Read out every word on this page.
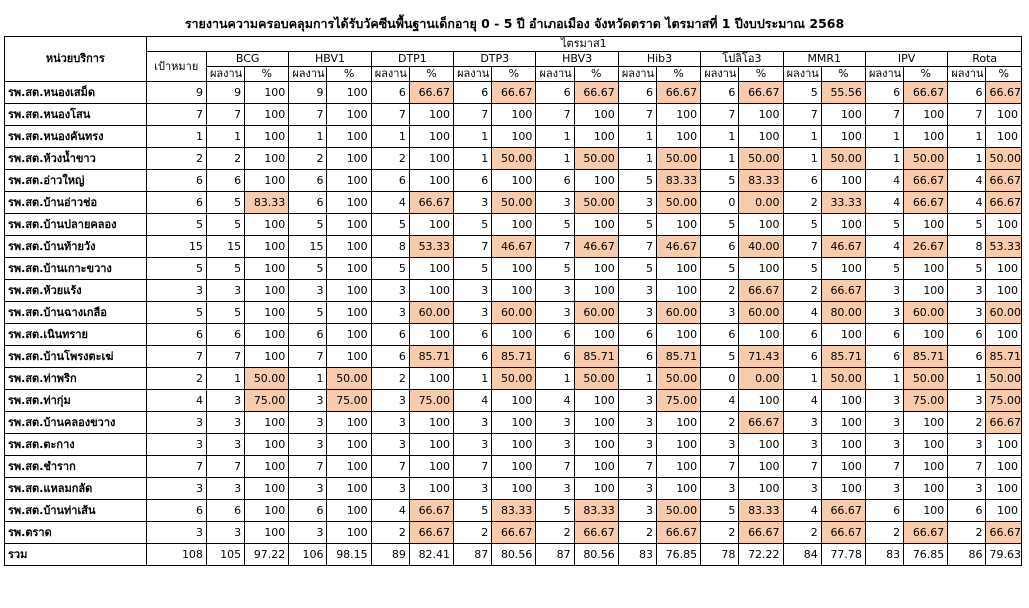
รายงานความครอบคลุมการได้รับวัคซีนพื้นฐานเด็กอายุ 0 - 5 ปี อำเภอเมือง จังหวัดตราด ไตรมาสที่ 1 ปีงบประมาณ 2568
หน่วยบริการ	ไตรมาส1																				
	เป้าหมาย	BCG		HBV1		DTP1		DTP3		HBV3		Hib3		โปลิโอ3		MMR1		IPV		Rota	
		ผลงาน	%	ผลงาน	%	ผลงาน	%	ผลงาน	%	ผลงาน	%	ผลงาน	%	ผลงาน	%	ผลงาน	%	ผลงาน	%	ผลงาน	%
รพ.สต.หนองเสม็ด	9	9	100	9	100	6	66.67	6	66.67	6	66.67	6	66.67	6	66.67	5	55.56	6	66.67	6	66.67
รพ.สต.หนองโสน	7	7	100	7	100	7	100	7	100	7	100	7	100	7	100	7	100	7	100	7	100
รพ.สต.หนองคันทรง	1	1	100	1	100	1	100	1	100	1	100	1	100	1	100	1	100	1	100	1	100
รพ.สต.ห้วงน้ำขาว	2	2	100	2	100	2	100	1	50.00	1	50.00	1	50.00	1	50.00	1	50.00	1	50.00	1	50.00
รพ.สต.อ่าวใหญ่	6	6	100	6	100	6	100	6	100	6	100	5	83.33	5	83.33	6	100	4	66.67	4	66.67
รพ.สต.บ้านอ่าวช่อ	6	5	83.33	6	100	4	66.67	3	50.00	3	50.00	3	50.00	0	0.00	2	33.33	4	66.67	4	66.67
รพ.สต.บ้านปลายคลอง	5	5	100	5	100	5	100	5	100	5	100	5	100	5	100	5	100	5	100	5	100
รพ.สต.บ้านท้ายวัง	15	15	100	15	100	8	53.33	7	46.67	7	46.67	7	46.67	6	40.00	7	46.67	4	26.67	8	53.33
รพ.สต.บ้านเกาะขวาง	5	5	100	5	100	5	100	5	100	5	100	5	100	5	100	5	100	5	100	5	100
รพ.สต.ห้วยแร้ง	3	3	100	3	100	3	100	3	100	3	100	3	100	2	66.67	2	66.67	3	100	3	100
รพ.สต.บ้านฉางเกลือ	5	5	100	5	100	3	60.00	3	60.00	3	60.00	3	60.00	3	60.00	4	80.00	3	60.00	3	60.00
รพ.สต.เนินทราย	6	6	100	6	100	6	100	6	100	6	100	6	100	6	100	6	100	6	100	6	100
รพ.สต.บ้านโพรงตะเฆ่	7	7	100	7	100	6	85.71	6	85.71	6	85.71	6	85.71	5	71.43	6	85.71	6	85.71	6	85.71
รพ.สต.ท่าพริก	2	1	50.00	1	50.00	2	100	1	50.00	1	50.00	1	50.00	0	0.00	1	50.00	1	50.00	1	50.00
รพ.สต.ท่ากุ่ม	4	3	75.00	3	75.00	3	75.00	4	100	4	100	3	75.00	4	100	4	100	3	75.00	3	75.00
รพ.สต.บ้านคลองขวาง	3	3	100	3	100	3	100	3	100	3	100	3	100	2	66.67	3	100	3	100	2	66.67
รพ.สต.ตะกาง	3	3	100	3	100	3	100	3	100	3	100	3	100	3	100	3	100	3	100	3	100
รพ.สต.ชำราก	7	7	100	7	100	7	100	7	100	7	100	7	100	7	100	7	100	7	100	7	100
รพ.สต.แหลมกลัด	3	3	100	3	100	3	100	3	100	3	100	3	100	3	100	3	100	3	100	3	100
รพ.สต.บ้านท่าเส้น	6	6	100	6	100	4	66.67	5	83.33	5	83.33	3	50.00	5	83.33	4	66.67	6	100	6	100
รพ.ตราด	3	3	100	3	100	2	66.67	2	66.67	2	66.67	2	66.67	2	66.67	2	66.67	2	66.67	2	66.67
รวม	108	105	97.22	106	98.15	89	82.41	87	80.56	87	80.56	83	76.85	78	72.22	84	77.78	83	76.85	86	79.63
